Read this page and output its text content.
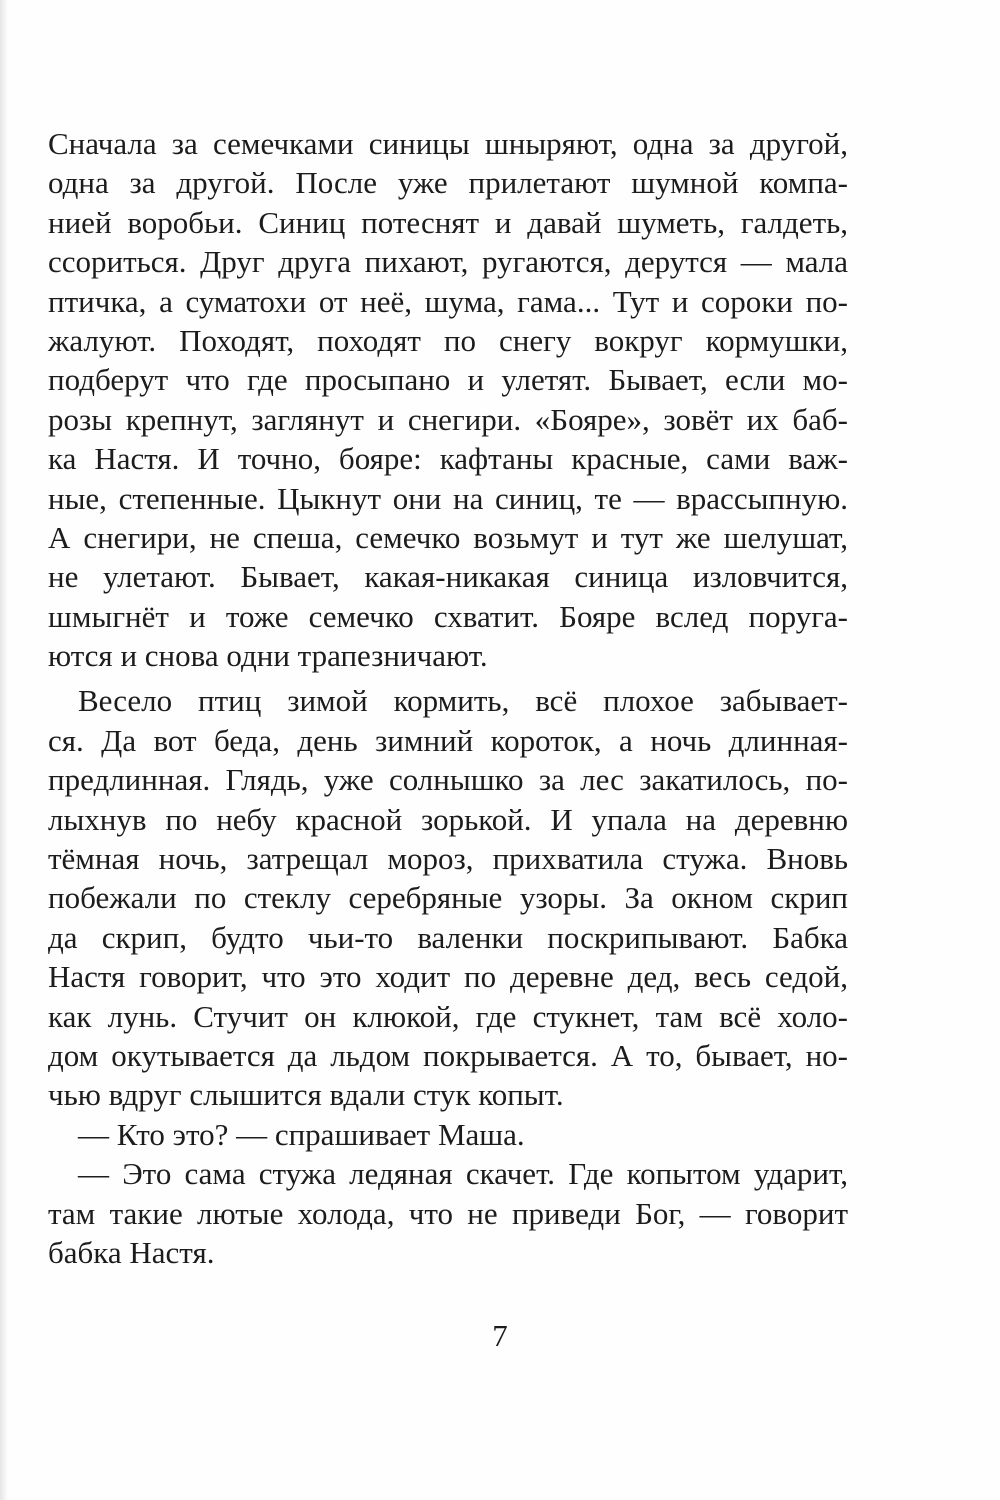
Сначала за семечками синицы шныряют, одна за другой,
одна за другой. После уже прилетают шумной компа-
нией воробьи. Синиц потеснят и давай шуметь, галдеть,
ссориться. Друг друга пихают, ругаются, дерутся — мала
птичка, а суматохи от неё, шума, гама... Тут и сороки по-
жалуют. Походят, походят по снегу вокруг кормушки,
подберут что где просыпано и улетят. Бывает, если мо-
розы крепнут, заглянут и снегири. «Бояре», зовёт их баб-
ка Настя. И точно, бояре: кафтаны красные, сами важ-
ные, степенные. Цыкнут они на синиц, те — врассыпную.
А снегири, не спеша, семечко возьмут и тут же шелушат,
не улетают. Бывает, какая-никакая синица изловчится,
шмыгнёт и тоже семечко схватит. Бояре вслед поруга-
ются и снова одни трапезничают.
Весело птиц зимой кормить, всё плохое забывает-
ся. Да вот беда, день зимний короток, а ночь длинная-
предлинная. Глядь, уже солнышко за лес закатилось, по-
лыхнув по небу красной зорькой. И упала на деревню
тёмная ночь, затрещал мороз, прихватила стужа. Вновь
побежали по стеклу серебряные узоры. За окном скрип
да скрип, будто чьи-то валенки поскрипывают. Бабка
Настя говорит, что это ходит по деревне дед, весь седой,
как лунь. Стучит он клюкой, где стукнет, там всё холо-
дом окутывается да льдом покрывается. А то, бывает, но-
чью вдруг слышится вдали стук копыт.
— Кто это? — спрашивает Маша.
— Это сама стужа ледяная скачет. Где копытом ударит,
там такие лютые холода, что не приведи Бог, — говорит
бабка Настя.
7
